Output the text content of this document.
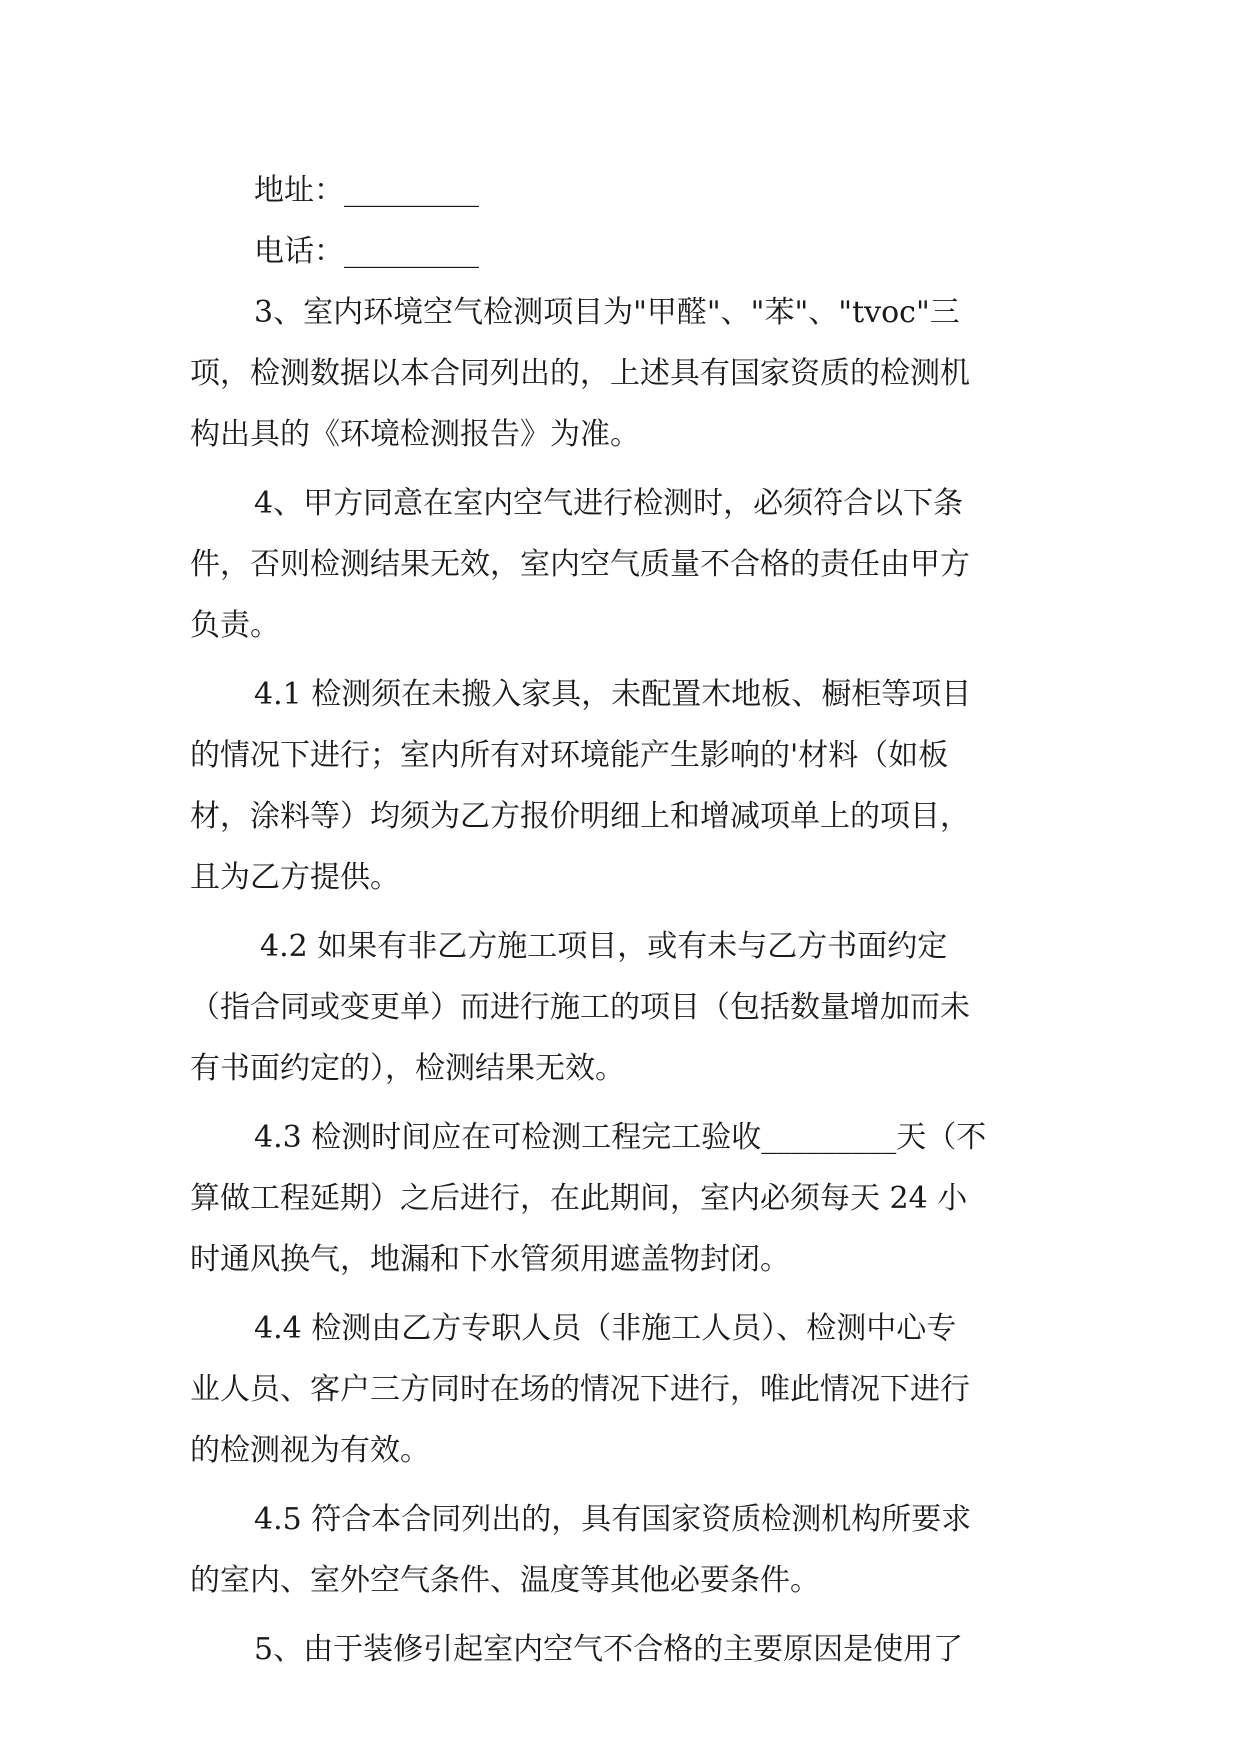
地址：_________
电话：_________
3、室内环境空气检测项目为"甲醛"、"苯"、"tvoc"三
项，检测数据以本合同列出的，上述具有国家资质的检测机
构出具的《环境检测报告》为准。
4、甲方同意在室内空气进行检测时，必须符合以下条
件，否则检测结果无效，室内空气质量不合格的责任由甲方
负责。
4.1 检测须在未搬入家具，未配置木地板、橱柜等项目
的情况下进行；室内所有对环境能产生影响的'材料（如板
材，涂料等）均须为乙方报价明细上和增减项单上的项目，
且为乙方提供。
4.2 如果有非乙方施工项目，或有未与乙方书面约定
（指合同或变更单）而进行施工的项目（包括数量增加而未
有书面约定的），检测结果无效。
4.3 检测时间应在可检测工程完工验收_________天（不
算做工程延期）之后进行，在此期间，室内必须每天 24 小
时通风换气，地漏和下水管须用遮盖物封闭。
4.4 检测由乙方专职人员（非施工人员）、检测中心专
业人员、客户三方同时在场的情况下进行，唯此情况下进行
的检测视为有效。
4.5 符合本合同列出的，具有国家资质检测机构所要求
的室内、室外空气条件、温度等其他必要条件。
5、由于装修引起室内空气不合格的主要原因是使用了
